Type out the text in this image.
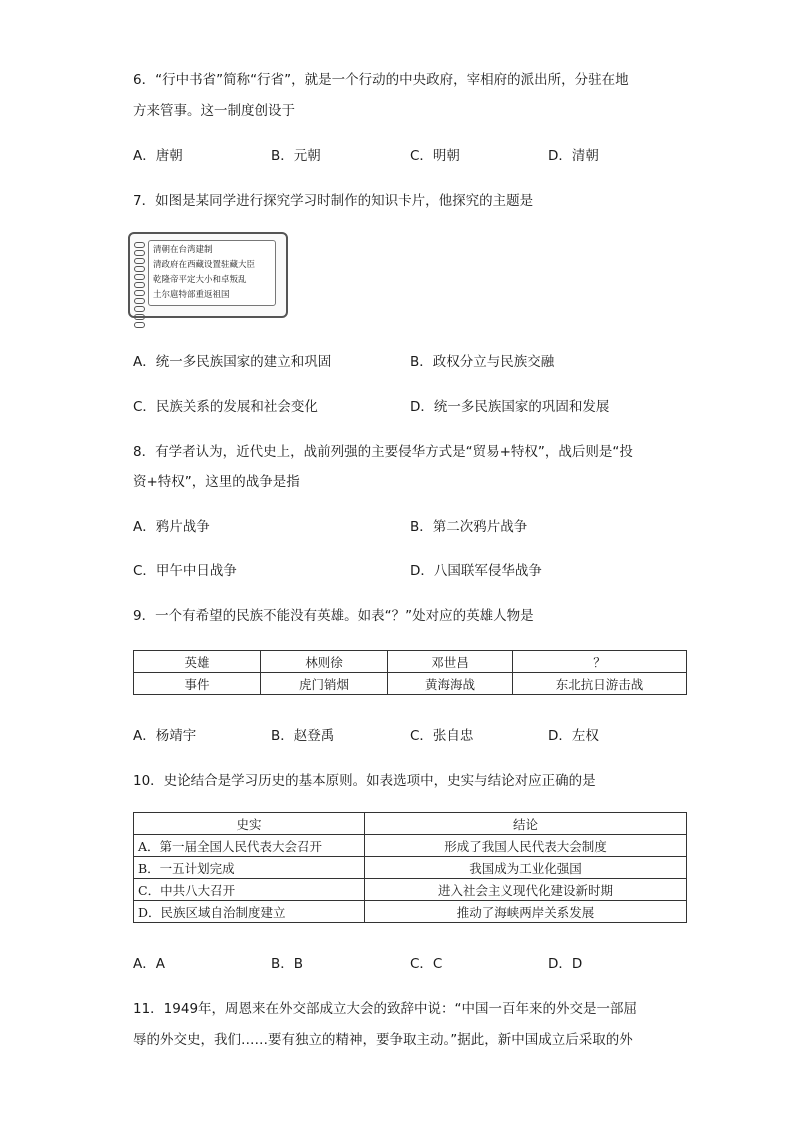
6．“行中书省”简称“行省”，就是一个行动的中央政府，宰相府的派出所，分驻在地
方来管事。这一制度创设于
A．唐朝	B．元朝	C．明朝	D．清朝
7．如图是某同学进行探究学习时制作的知识卡片，他探究的主题是
清朝在台湾建制
清政府在西藏设置驻藏大臣
乾隆帝平定大小和卓叛乱
土尔扈特部重返祖国
A．统一多民族国家的建立和巩固	B．政权分立与民族交融
C．民族关系的发展和社会变化	D．统一多民族国家的巩固和发展
8．有学者认为，近代史上，战前列强的主要侵华方式是“贸易+特权”，战后则是“投
资+特权”，这里的战争是指
A．鸦片战争	B．第二次鸦片战争
C．甲午中日战争	D．八国联军侵华战争
9．一个有希望的民族不能没有英雄。如表“？”处对应的英雄人物是
英雄	林则徐	邓世昌	？
事件	虎门销烟	黄海海战	东北抗日游击战
A．杨靖宇	B．赵登禹	C．张自忠	D．左权
10．史论结合是学习历史的基本原则。如表选项中，史实与结论对应正确的是
史实	结论
A．第一届全国人民代表大会召开	形成了我国人民代表大会制度
B．一五计划完成	我国成为工业化强国
C．中共八大召开	进入社会主义现代化建设新时期
D．民族区域自治制度建立	推动了海峡两岸关系发展
A．A	B．B	C．C	D．D
11．1949年，周恩来在外交部成立大会的致辞中说：“中国一百年来的外交是一部屈
辱的外交史，我们……要有独立的精神，要争取主动。”据此，新中国成立后采取的外
